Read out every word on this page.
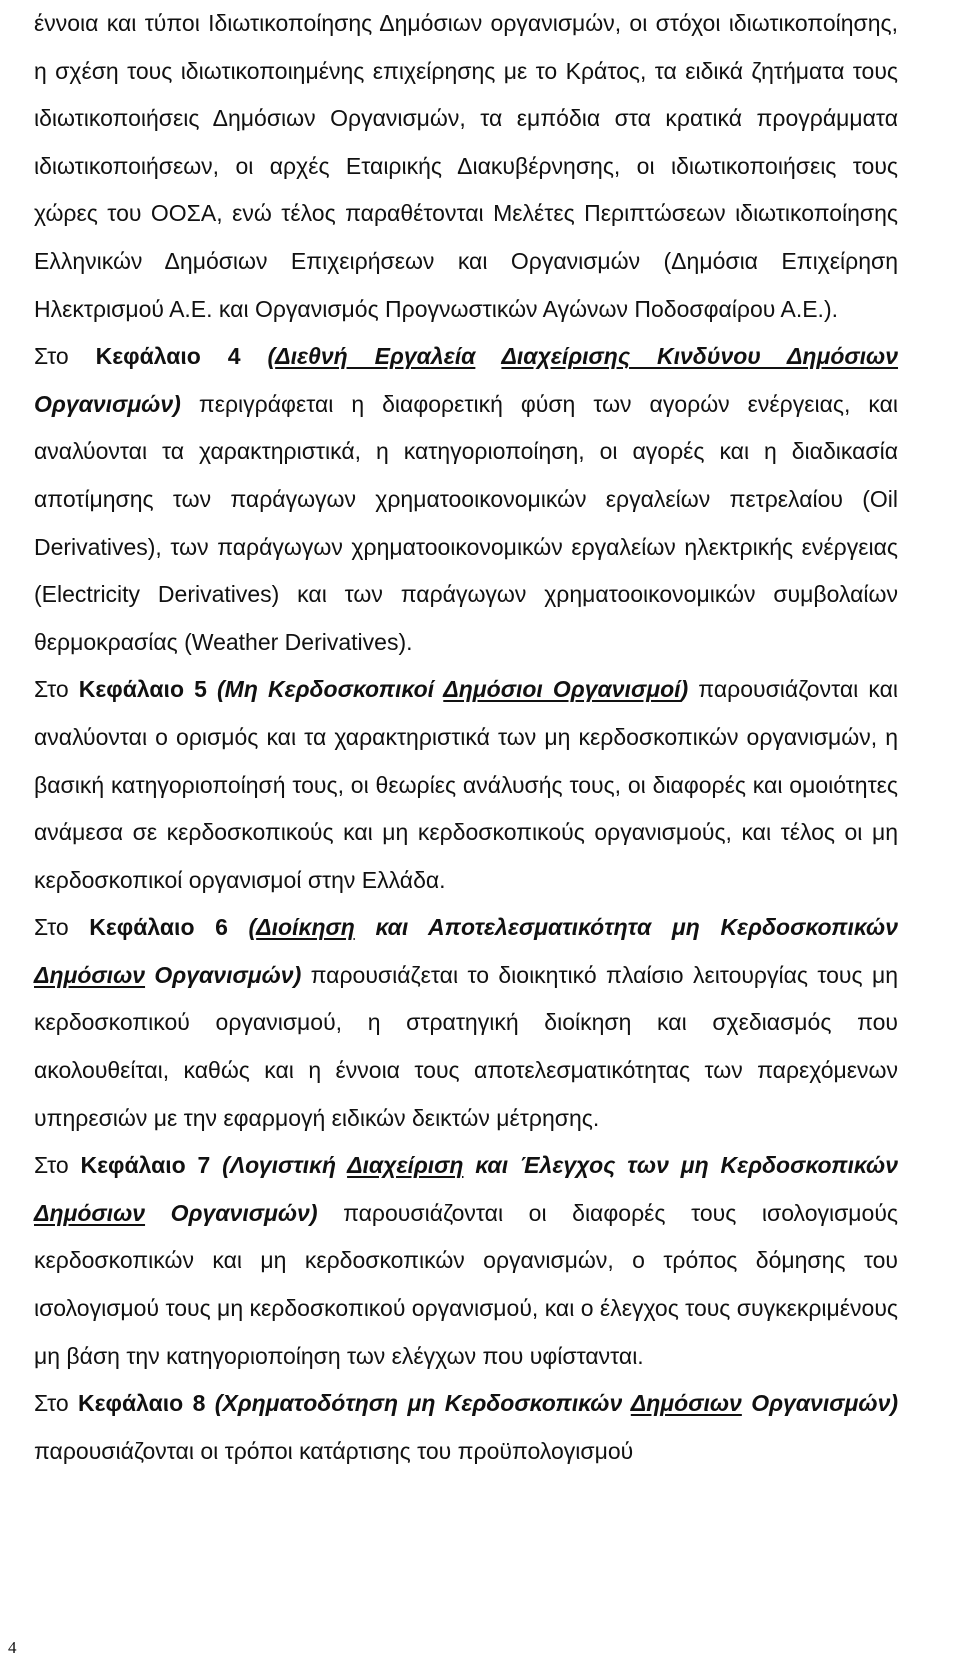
έννοια και τύποι Ιδιωτικοποίησης Δημόσιων οργανισμών, οι στόχοι ιδιωτικοποίησης, η σχέση τους ιδιωτικοποιημένης επιχείρησης με το Κράτος, τα ειδικά ζητήματα τους ιδιωτικοποιήσεις Δημόσιων Οργανισμών, τα εμπόδια στα κρατικά προγράμματα ιδιωτικοποιήσεων, οι αρχές Εταιρικής Διακυβέρνησης, οι ιδιωτικοποιήσεις τους χώρες του ΟΟΣΑ, ενώ τέλος παραθέτονται Μελέτες Περιπτώσεων ιδιωτικοποίησης Ελληνικών Δημόσιων Επιχειρήσεων και Οργανισμών (Δημόσια Επιχείρηση Ηλεκτρισμού Α.Ε. και Οργανισμός Προγνωστικών Αγώνων Ποδοσφαίρου Α.Ε.).

Στο Κεφάλαιο 4 (Διεθνή Εργαλεία Διαχείρισης Κινδύνου Δημόσιων Οργανισμών) περιγράφεται η διαφορετική φύση των αγορών ενέργειας, και αναλύονται τα χαρακτηριστικά, η κατηγοριοποίηση, οι αγορές και η διαδικασία αποτίμησης των παράγωγων χρηματοοικονομικών εργαλείων πετρελαίου (Oil Derivatives), των παράγωγων χρηματοοικονομικών εργαλείων ηλεκτρικής ενέργειας (Electricity Derivatives) και των παράγωγων χρηματοοικονομικών συμβολαίων θερμοκρασίας (Weather Derivatives).

Στο Κεφάλαιο 5 (Μη Κερδοσκοπικοί Δημόσιοι Οργανισμοί) παρουσιάζονται και αναλύονται ο ορισμός και τα χαρακτηριστικά των μη κερδοσκοπικών οργανισμών, η βασική κατηγοριοποίησή τους, οι θεωρίες ανάλυσής τους, οι διαφορές και ομοιότητες ανάμεσα σε κερδοσκοπικούς και μη κερδοσκοπικούς οργανισμούς, και τέλος οι μη κερδοσκοπικοί οργανισμοί στην Ελλάδα.

Στο Κεφάλαιο 6 (Διοίκηση και Αποτελεσματικότητα μη Κερδοσκοπικών Δημόσιων Οργανισμών) παρουσιάζεται το διοικητικό πλαίσιο λειτουργίας τους μη κερδοσκοπικού οργανισμού, η στρατηγική διοίκηση και σχεδιασμός που ακολουθείται, καθώς και η έννοια τους αποτελεσματικότητας των παρεχόμενων υπηρεσιών με την εφαρμογή ειδικών δεικτών μέτρησης.

Στο Κεφάλαιο 7 (Λογιστική Διαχείριση και Έλεγχος των μη Κερδοσκοπικών Δημόσιων Οργανισμών) παρουσιάζονται οι διαφορές τους ισολογισμούς κερδοσκοπικών και μη κερδοσκοπικών οργανισμών, ο τρόπος δόμησης του ισολογισμού τους μη κερδοσκοπικού οργανισμού, και ο έλεγχος τους συγκεκριμένους μη βάση την κατηγοριοποίηση των ελέγχων που υφίστανται.

Στο Κεφάλαιο 8 (Χρηματοδότηση μη Κερδοσκοπικών Δημόσιων Οργανισμών) παρουσιάζονται οι τρόποι κατάρτισης του προϋπολογισμού

4
